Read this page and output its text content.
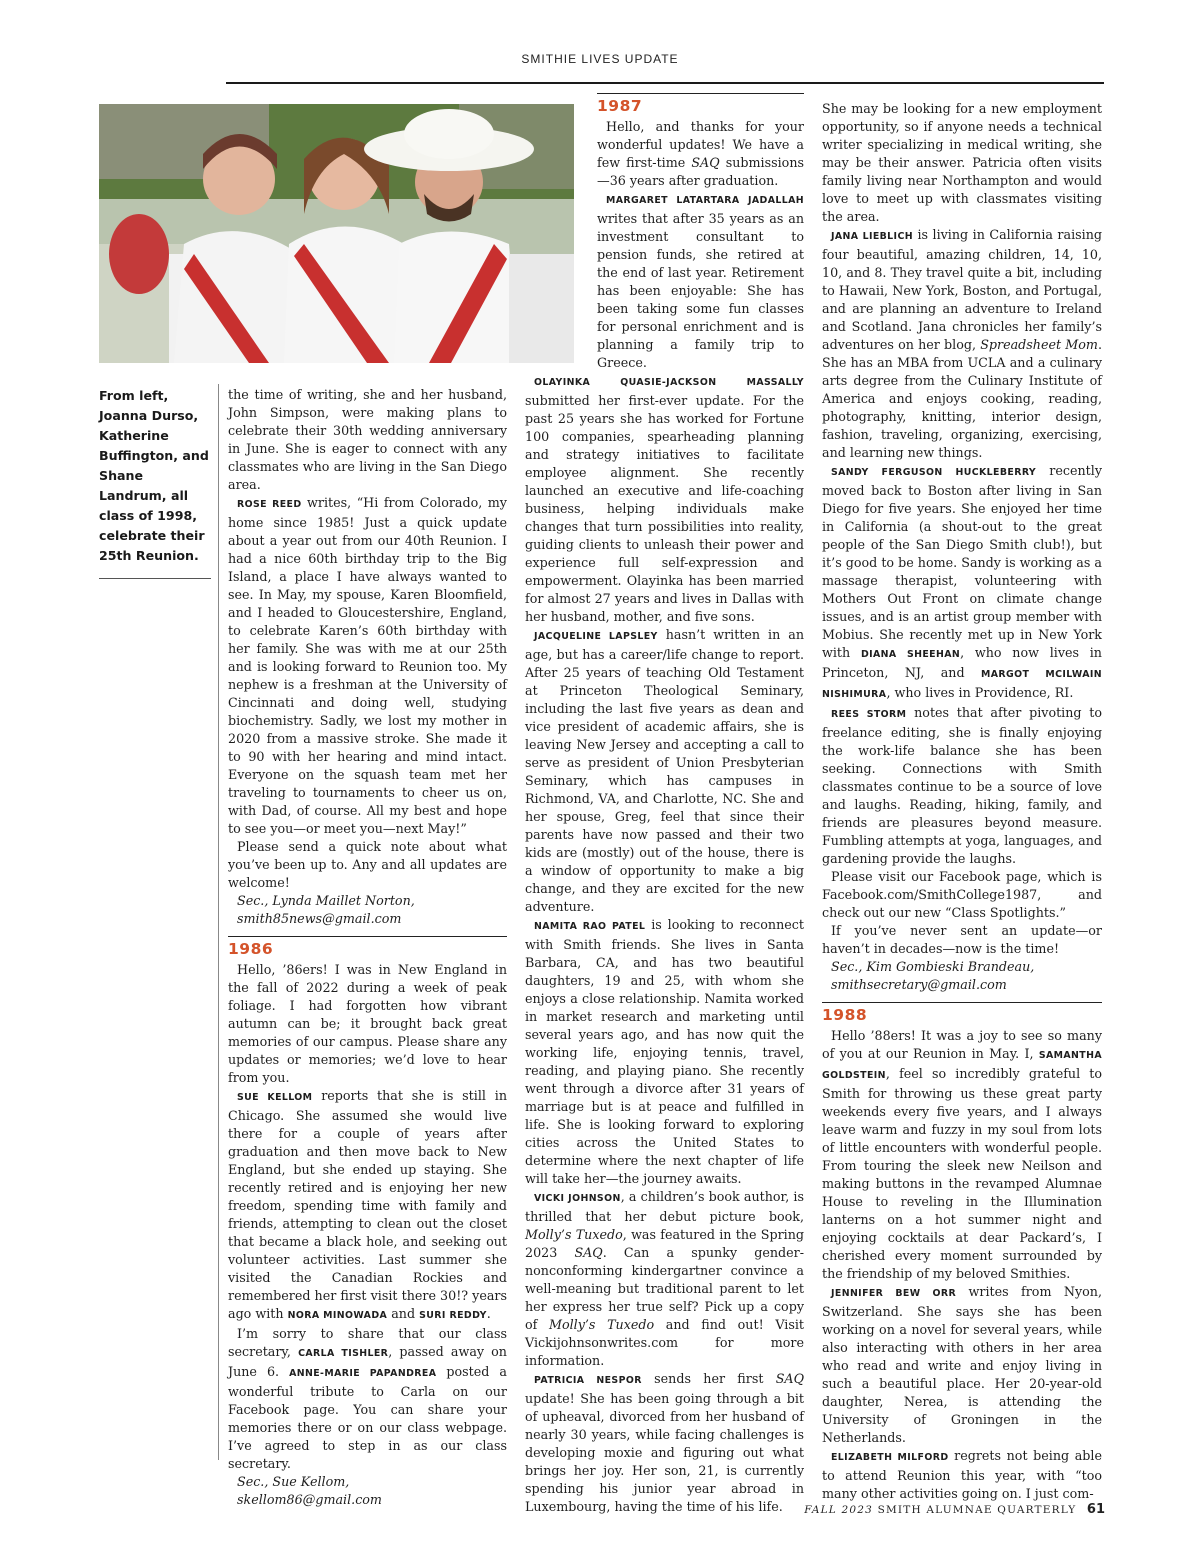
SMITHIE LIVES UPDATE
From left, Joanna Durso, Katherine Buffington, and Shane Landrum, all class of 1998, celebrate their 25th Reunion.

the time of writing, she and her husband, John Simpson, were making plans to celebrate their 30th wedding anniversary in June. She is eager to connect with any classmates who are living in the San Diego area.

ROSE REED writes, “Hi from Colorado, my home since 1985! Just a quick update about a year out from our 40th Reunion. I had a nice 60th birthday trip to the Big Island, a place I have always wanted to see. In May, my spouse, Karen Bloomfield, and I headed to Gloucestershire, England, to celebrate Karen’s 60th birthday with her family. She was with me at our 25th and is looking forward to Reunion too. My nephew is a freshman at the University of Cincinnati and doing well, studying biochemistry. Sadly, we lost my mother in 2020 from a massive stroke. She made it to 90 with her hearing and mind intact. Everyone on the squash team met her traveling to tournaments to cheer us on, with Dad, of course. All my best and hope to see you—or meet you—next May!”

Please send a quick note about what you’ve been up to. Any and all updates are welcome!

Sec., Lynda Maillet Norton,

smith85news@gmail.com

1986

Hello, ’86ers! I was in New England in the fall of 2022 during a week of peak foliage. I had forgotten how vibrant autumn can be; it brought back great memories of our campus. Please share any updates or memories; we’d love to hear from you.

SUE KELLOM reports that she is still in Chicago. She assumed she would live there for a couple of years after graduation and then move back to New England, but she ended up staying. She recently retired and is enjoying her new freedom, spending time with family and friends, attempting to clean out the closet that became a black hole, and seeking out volunteer activities. Last summer she visited the Canadian Rockies and remembered her first visit there 30!? years ago with NORA MINOWADA and SURI REDDY.

I’m sorry to share that our class secretary, CARLA TISHLER, passed away on June 6. ANNE-MARIE PAPANDREA posted a wonderful tribute to Carla on our Facebook page. You can share your memories there or on our class webpage. I’ve agreed to step in as our class secretary.

Sec., Sue Kellom,

skellom86@gmail.com

1987

Hello, and thanks for your wonderful updates! We have a few first-time SAQ submissions—36 years after graduation.

MARGARET LATARTARA JADALLAH writes that after 35 years as an investment consultant to pension funds, she retired at the end of last year. Retirement has been enjoyable: She has been taking some fun classes for personal enrichment and is planning a family trip to Greece.

OLAYINKA QUASIE-JACKSON MASSALLY submitted her first-ever update. For the past 25 years she has worked for Fortune 100 companies, spearheading planning and strategy initiatives to facilitate employee alignment. She recently launched an executive and life-coaching business, helping individuals make changes that turn possibilities into reality, guiding clients to unleash their power and experience full self-expression and empowerment. Olayinka has been married for almost 27 years and lives in Dallas with her husband, mother, and five sons.

JACQUELINE LAPSLEY hasn’t written in an age, but has a career/life change to report. After 25 years of teaching Old Testament at Princeton Theological Seminary, including the last five years as dean and vice president of academic affairs, she is leaving New Jersey and accepting a call to serve as president of Union Presbyterian Seminary, which has campuses in Richmond, VA, and Charlotte, NC. She and her spouse, Greg, feel that since their parents have now passed and their two kids are (mostly) out of the house, there is a window of opportunity to make a big change, and they are excited for the new adventure.

NAMITA RAO PATEL is looking to reconnect with Smith friends. She lives in Santa Barbara, CA, and has two beautiful daughters, 19 and 25, with whom she enjoys a close relationship. Namita worked in market research and marketing until several years ago, and has now quit the working life, enjoying tennis, travel, reading, and playing piano. She recently went through a divorce after 31 years of marriage but is at peace and fulfilled in life. She is looking forward to exploring cities across the United States to determine where the next chapter of life will take her—the journey awaits.

VICKI JOHNSON, a children’s book author, is thrilled that her debut picture book, Molly’s Tuxedo, was featured in the Spring 2023 SAQ. Can a spunky gender-nonconforming kindergartner convince a well-meaning but traditional parent to let her express her true self? Pick up a copy of Molly’s Tuxedo and find out! Visit Vickijohnsonwrites.com for more information.

PATRICIA NESPOR sends her first SAQ update! She has been going through a bit of upheaval, divorced from her husband of nearly 30 years, while facing challenges is developing moxie and figuring out what brings her joy. Her son, 21, is currently spending his junior year abroad in Luxembourg, having the time of his life.

She may be looking for a new employment opportunity, so if anyone needs a technical writer specializing in medical writing, she may be their answer. Patricia often visits family living near Northampton and would love to meet up with classmates visiting the area.

JANA LIEBLICH is living in California raising four beautiful, amazing children, 14, 10, 10, and 8. They travel quite a bit, including to Hawaii, New York, Boston, and Portugal, and are planning an adventure to Ireland and Scotland. Jana chronicles her family’s adventures on her blog, Spreadsheet Mom. She has an MBA from UCLA and a culinary arts degree from the Culinary Institute of America and enjoys cooking, reading, photography, knitting, interior design, fashion, traveling, organizing, exercising, and learning new things.

SANDY FERGUSON HUCKLEBERRY recently moved back to Boston after living in San Diego for five years. She enjoyed her time in California (a shout-out to the great people of the San Diego Smith club!), but it’s good to be home. Sandy is working as a massage therapist, volunteering with Mothers Out Front on climate change issues, and is an artist group member with Mobius. She recently met up in New York with DIANA SHEEHAN, who now lives in Princeton, NJ, and MARGOT MCILWAIN NISHIMURA, who lives in Providence, RI.

REES STORM notes that after pivoting to freelance editing, she is finally enjoying the work-life balance she has been seeking. Connections with Smith classmates continue to be a source of love and laughs. Reading, hiking, family, and friends are pleasures beyond measure. Fumbling attempts at yoga, languages, and gardening provide the laughs.

Please visit our Facebook page, which is Facebook.com/SmithCollege1987, and check out our new “Class Spotlights.”

If you’ve never sent an update—or haven’t in decades—now is the time!

Sec., Kim Gombieski Brandeau,

smithsecretary@gmail.com

1988

Hello ’88ers! It was a joy to see so many of you at our Reunion in May. I, SAMANTHA GOLDSTEIN, feel so incredibly grateful to Smith for throwing us these great party weekends every five years, and I always leave warm and fuzzy in my soul from lots of little encounters with wonderful people. From touring the sleek new Neilson and making buttons in the revamped Alumnae House to reveling in the Illumination lanterns on a hot summer night and enjoying cocktails at dear Packard’s, I cherished every moment surrounded by the friendship of my beloved Smithies.

JENNIFER BEW ORR writes from Nyon, Switzerland. She says she has been working on a novel for several years, while also interacting with others in her area who read and write and enjoy living in such a beautiful place. Her 20-year-old daughter, Nerea, is attending the University of Groningen in the Netherlands.

ELIZABETH MILFORD regrets not being able to attend Reunion this year, with “too many other activities going on. I just com-

FALL 2023 SMITH ALUMNAE QUARTERLY 61
